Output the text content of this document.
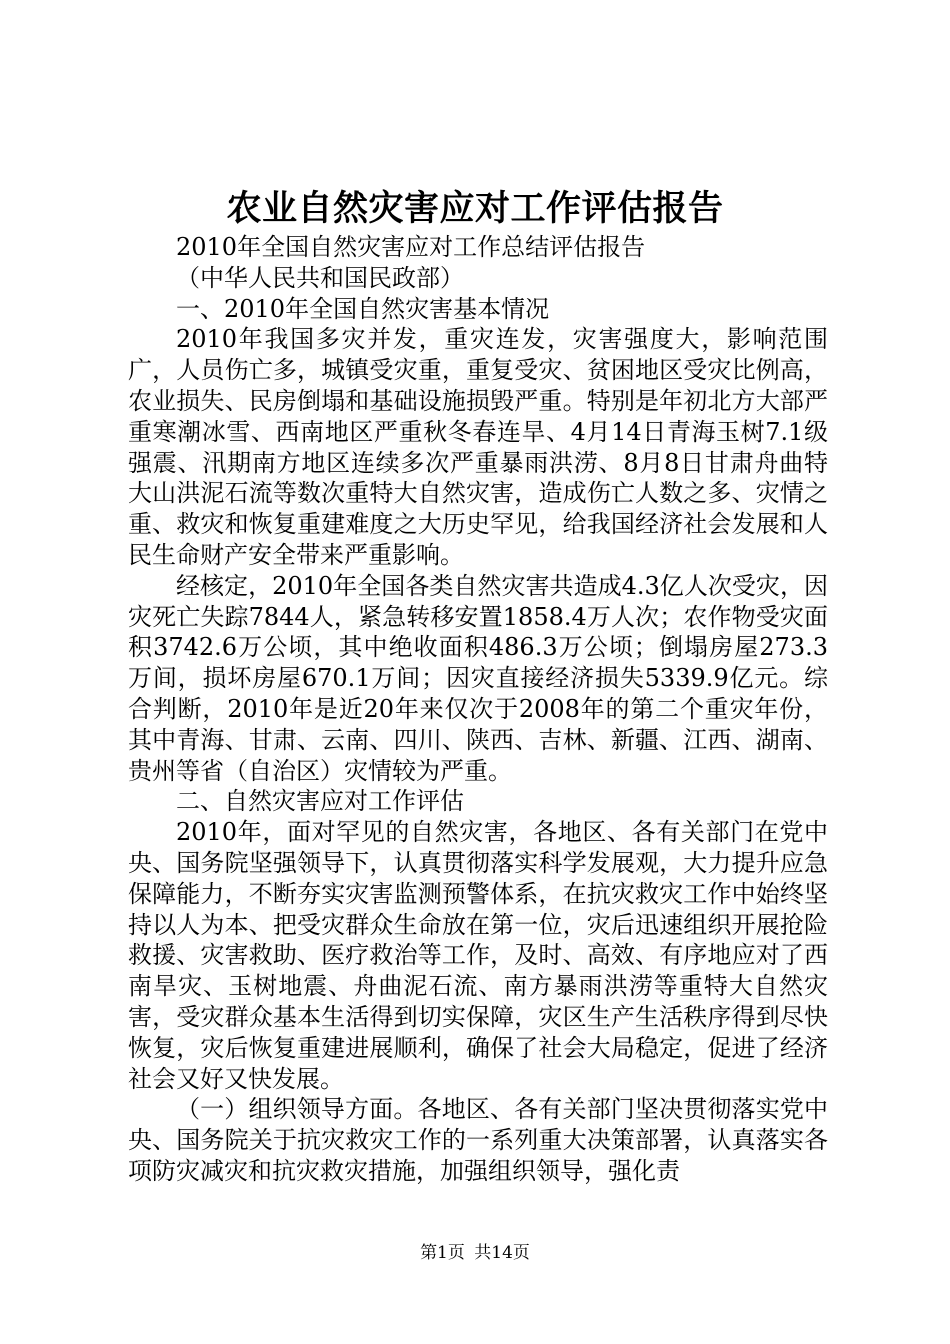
农业自然灾害应对工作评估报告

2010年全国自然灾害应对工作总结评估报告

（中华人民共和国民政部）

一、2010年全国自然灾害基本情况

2010年我国多灾并发，重灾连发，灾害强度大，影响范围广，人员伤亡多，城镇受灾重，重复受灾、贫困地区受灾比例高，农业损失、民房倒塌和基础设施损毁严重。特别是年初北方大部严重寒潮冰雪、西南地区严重秋冬春连旱、4月14日青海玉树7.1级强震、汛期南方地区连续多次严重暴雨洪涝、8月8日甘肃舟曲特大山洪泥石流等数次重特大自然灾害，造成伤亡人数之多、灾情之重、救灾和恢复重建难度之大历史罕见，给我国经济社会发展和人民生命财产安全带来严重影响。

经核定，2010年全国各类自然灾害共造成4.3亿人次受灾，因灾死亡失踪7844人，紧急转移安置1858.4万人次；农作物受灾面积3742.6万公顷，其中绝收面积486.3万公顷；倒塌房屋273.3万间，损坏房屋670.1万间；因灾直接经济损失5339.9亿元。综合判断，2010年是近20年来仅次于2008年的第二个重灾年份，其中青海、甘肃、云南、四川、陕西、吉林、新疆、江西、湖南、贵州等省（自治区）灾情较为严重。

二、自然灾害应对工作评估

2010年，面对罕见的自然灾害，各地区、各有关部门在党中央、国务院坚强领导下，认真贯彻落实科学发展观，大力提升应急保障能力，不断夯实灾害监测预警体系，在抗灾救灾工作中始终坚持以人为本、把受灾群众生命放在第一位，灾后迅速组织开展抢险救援、灾害救助、医疗救治等工作，及时、高效、有序地应对了西南旱灾、玉树地震、舟曲泥石流、南方暴雨洪涝等重特大自然灾害，受灾群众基本生活得到切实保障，灾区生产生活秩序得到尽快恢复，灾后恢复重建进展顺利，确保了社会大局稳定，促进了经济社会又好又快发展。

（一）组织领导方面。各地区、各有关部门坚决贯彻落实党中央、国务院关于抗灾救灾工作的一系列重大决策部署，认真落实各项防灾减灾和抗灾救灾措施，加强组织领导，强化责

第1页 共14页
